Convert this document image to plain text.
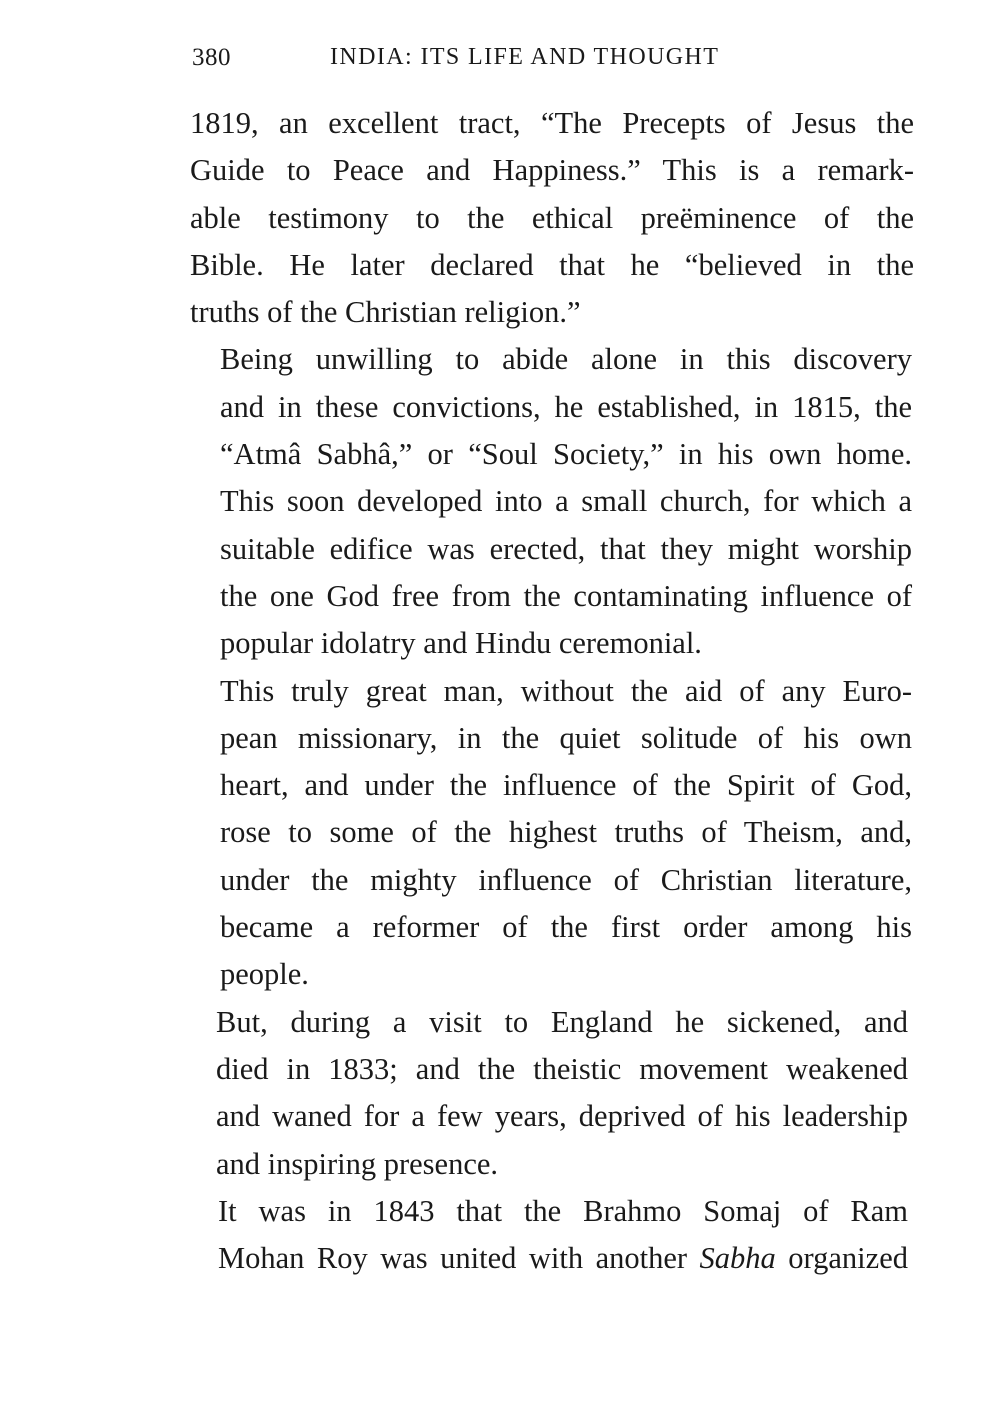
380	INDIA: ITS LIFE AND THOUGHT

1819, an excellent tract, “The Precepts of Jesus the
Guide to Peace and Happiness.” This is a remark-
able testimony to the ethical preëminence of the
Bible. He later declared that he “believed in the
truths of the Christian religion.”

Being unwilling to abide alone in this discovery
and in these convictions, he established, in 1815, the
“Atmâ Sabhâ,” or “Soul Society,” in his own home.
This soon developed into a small church, for which a
suitable edifice was erected, that they might worship
the one God free from the contaminating influence of
popular idolatry and Hindu ceremonial.

This truly great man, without the aid of any Euro-
pean missionary, in the quiet solitude of his own
heart, and under the influence of the Spirit of God,
rose to some of the highest truths of Theism, and,
under the mighty influence of Christian literature,
became a reformer of the first order among his
people.

But, during a visit to England he sickened, and
died in 1833; and the theistic movement weakened
and waned for a few years, deprived of his leadership
and inspiring presence.

It was in 1843 that the Brahmo Somaj of Ram
Mohan Roy was united with another Sabha organized
